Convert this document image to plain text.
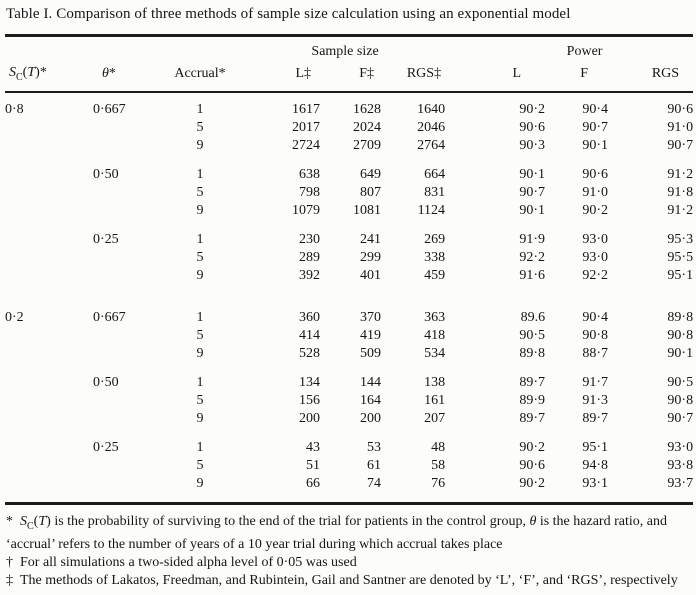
Table I. Comparison of three methods of sample size calculation using an exponential model
			Sample size			Power		
$S_C(T)*$	θ*	Accrual*	L‡	F‡	RGS‡	L	F	RGS

0·8	0·667	1	1617	1628	1640	90·2	90·4	90·6
		5	2017	2024	2046	90·6	90·7	91·0
		9	2724	2709	2764	90·3	90·1	90·7

	0·50	1	638	649	664	90·1	90·6	91·2
		5	798	807	831	90·7	91·0	91·8
		9	1079	1081	1124	90·1	90·2	91·2

	0·25	1	230	241	269	91·9	93·0	95·3
		5	289	299	338	92·2	93·0	95·5
		9	392	401	459	91·6	92·2	95·1

0·2	0·667	1	360	370	363	89.6	90·4	89·8
		5	414	419	418	90·5	90·8	90·8
		9	528	509	534	89·8	88·7	90·1

	0·50	1	134	144	138	89·7	91·7	90·5
		5	156	164	161	89·9	91·3	90·8
		9	200	200	207	89·7	89·7	90·7

	0·25	1	43	53	48	90·2	95·1	93·0
		5	51	61	58	90·6	94·8	93·8
		9	66	74	76	90·2	93·1	93·7

* $S_C(T)$ is the probability of surviving to the end of the trial for patients in the control group, θ is the hazard ratio, and ‘accrual’ refers to the number of years of a 10 year trial during which accrual takes place

† For all simulations a two-sided alpha level of 0·05 was used

‡ The methods of Lakatos, Freedman, and Rubintein, Gail and Santner are denoted by ‘L’, ‘F’, and ‘RGS’, respectively
